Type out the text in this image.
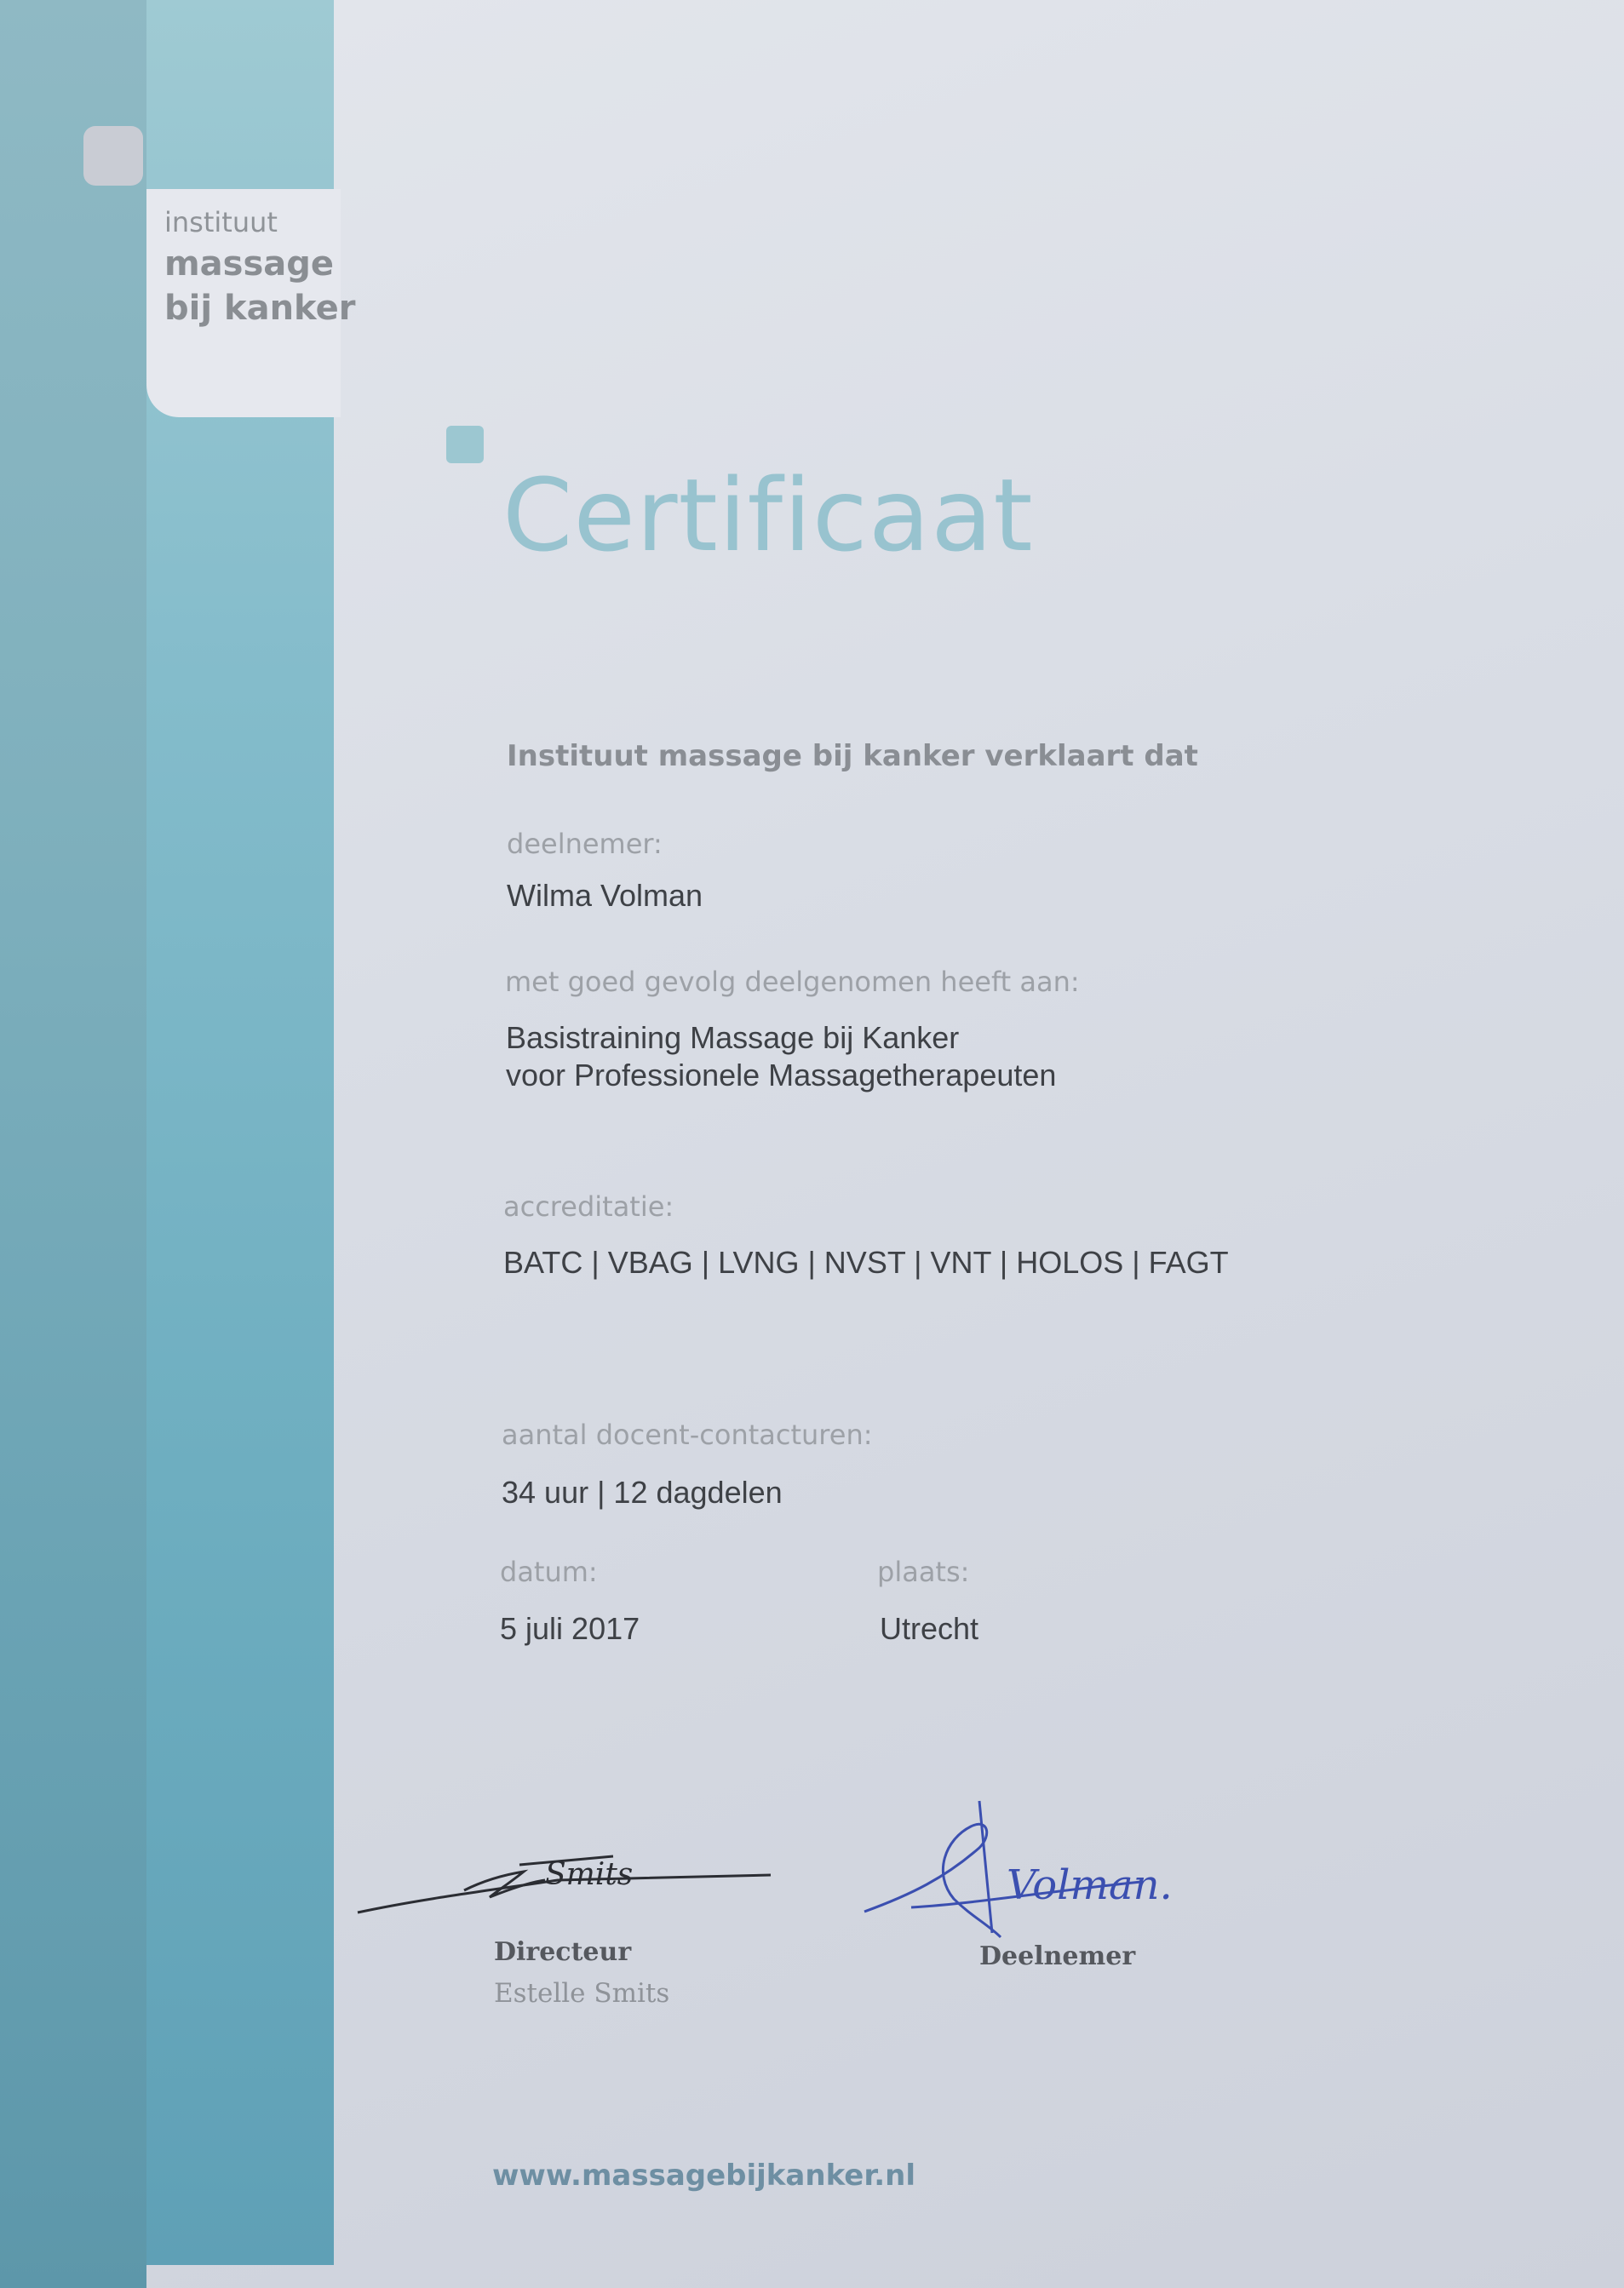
instituut
massage
bij kanker
Certificaat
Instituut massage bij kanker verklaart dat
deelnemer:
Wilma Volman
met goed gevolg deelgenomen heeft aan:
Basistraining Massage bij Kanker
voor Professionele Massagetherapeuten
accreditatie:
BATC | VBAG | LVNG | NVST | VNT | HOLOS | FAGT
aantal docent-contacturen:
34 uur | 12 dagdelen
datum:
5 juli 2017
plaats:
Utrecht
Smits
Directeur
Estelle Smits
Volman.
Deelnemer
www.massagebijkanker.nl
